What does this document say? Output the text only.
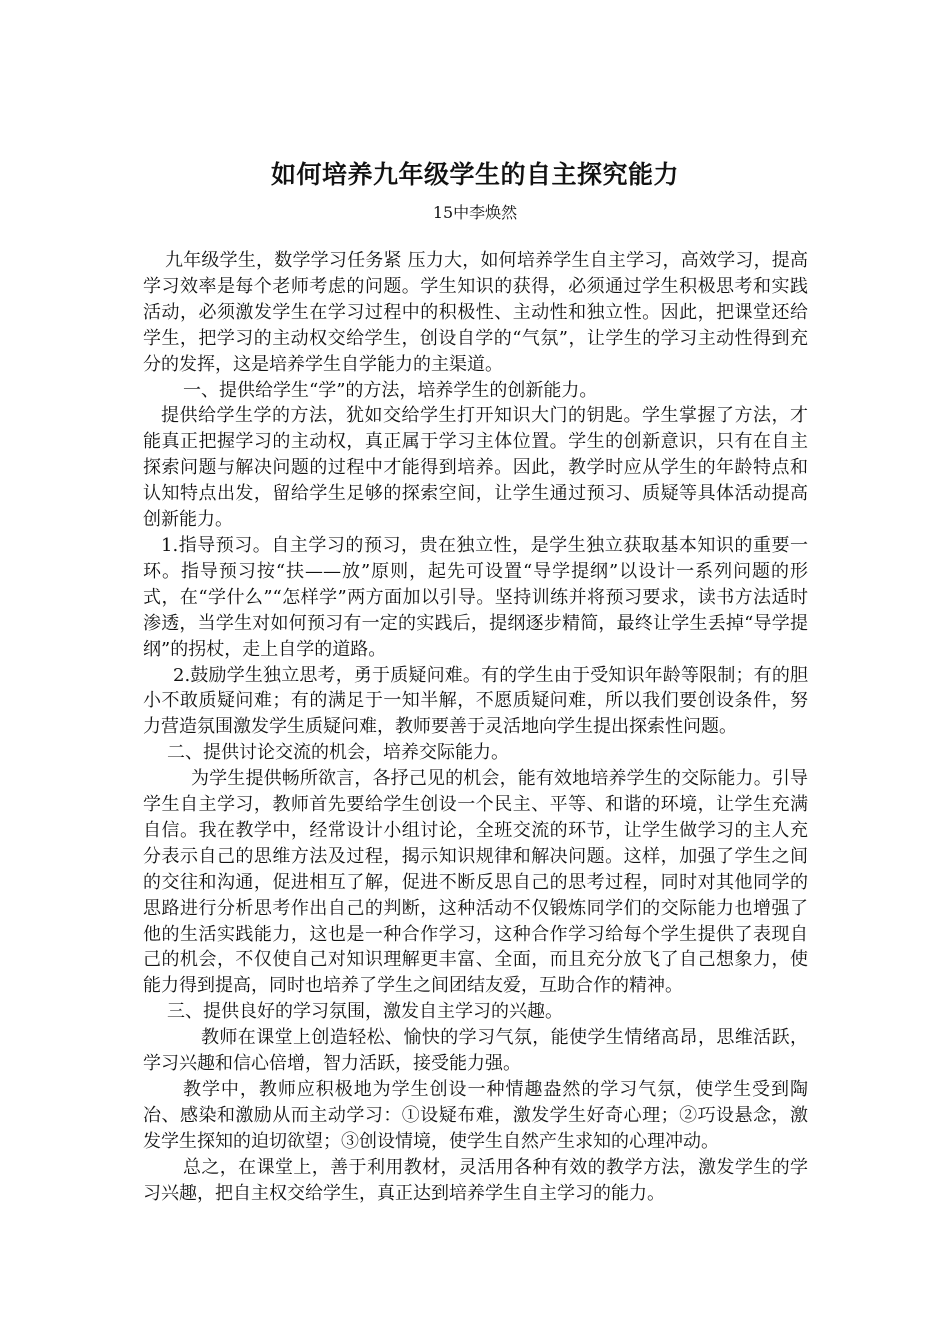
如何培养九年级学生的自主探究能力
15中李焕然

九年级学生，数学学习任务紧 压力大，如何培养学生自主学习，高效学习，提高学习效率是每个老师考虑的问题。学生知识的获得，必须通过学生积极思考和实践活动，必须激发学生在学习过程中的积极性、主动性和独立性。因此，把课堂还给学生，把学习的主动权交给学生，创设自学的“气氛”，让学生的学习主动性得到充分的发挥，这是培养学生自学能力的主渠道。

一、提供给学生“学”的方法，培养学生的创新能力。

提供给学生学的方法，犹如交给学生打开知识大门的钥匙。学生掌握了方法，才能真正把握学习的主动权，真正属于学习主体位置。学生的创新意识，只有在自主探索问题与解决问题的过程中才能得到培养。因此，教学时应从学生的年龄特点和认知特点出发，留给学生足够的探索空间，让学生通过预习、质疑等具体活动提高创新能力。

1.指导预习。自主学习的预习，贵在独立性，是学生独立获取基本知识的重要一环。指导预习按“扶——放”原则，起先可设置“导学提纲”以设计一系列问题的形式，在“学什么”“怎样学”两方面加以引导。坚持训练并将预习要求，读书方法适时渗透，当学生对如何预习有一定的实践后，提纲逐步精简，最终让学生丢掉“导学提纲”的拐杖，走上自学的道路。

2.鼓励学生独立思考，勇于质疑问难。有的学生由于受知识年龄等限制；有的胆小不敢质疑问难；有的满足于一知半解，不愿质疑问难，所以我们要创设条件，努力营造氛围激发学生质疑问难，教师要善于灵活地向学生提出探索性问题。

二、提供讨论交流的机会，培养交际能力。

为学生提供畅所欲言，各抒己见的机会，能有效地培养学生的交际能力。引导学生自主学习，教师首先要给学生创设一个民主、平等、和谐的环境，让学生充满自信。我在教学中，经常设计小组讨论，全班交流的环节，让学生做学习的主人充分表示自己的思维方法及过程，揭示知识规律和解决问题。这样，加强了学生之间的交往和沟通，促进相互了解，促进不断反思自己的思考过程，同时对其他同学的思路进行分析思考作出自己的判断，这种活动不仅锻炼同学们的交际能力也增强了他的生活实践能力，这也是一种合作学习，这种合作学习给每个学生提供了表现自己的机会，不仅使自己对知识理解更丰富、全面，而且充分放飞了自己想象力，使能力得到提高，同时也培养了学生之间团结友爱，互助合作的精神。

三、提供良好的学习氛围，激发自主学习的兴趣。

教师在课堂上创造轻松、愉快的学习气氛，能使学生情绪高昂，思维活跃，学习兴趣和信心倍增，智力活跃，接受能力强。

教学中，教师应积极地为学生创设一种情趣盎然的学习气氛，使学生受到陶冶、感染和激励从而主动学习：①设疑布难，激发学生好奇心理；②巧设悬念，激发学生探知的迫切欲望；③创设情境，使学生自然产生求知的心理冲动。

总之，在课堂上，善于利用教材，灵活用各种有效的教学方法，激发学生的学习兴趣，把自主权交给学生，真正达到培养学生自主学习的能力。
